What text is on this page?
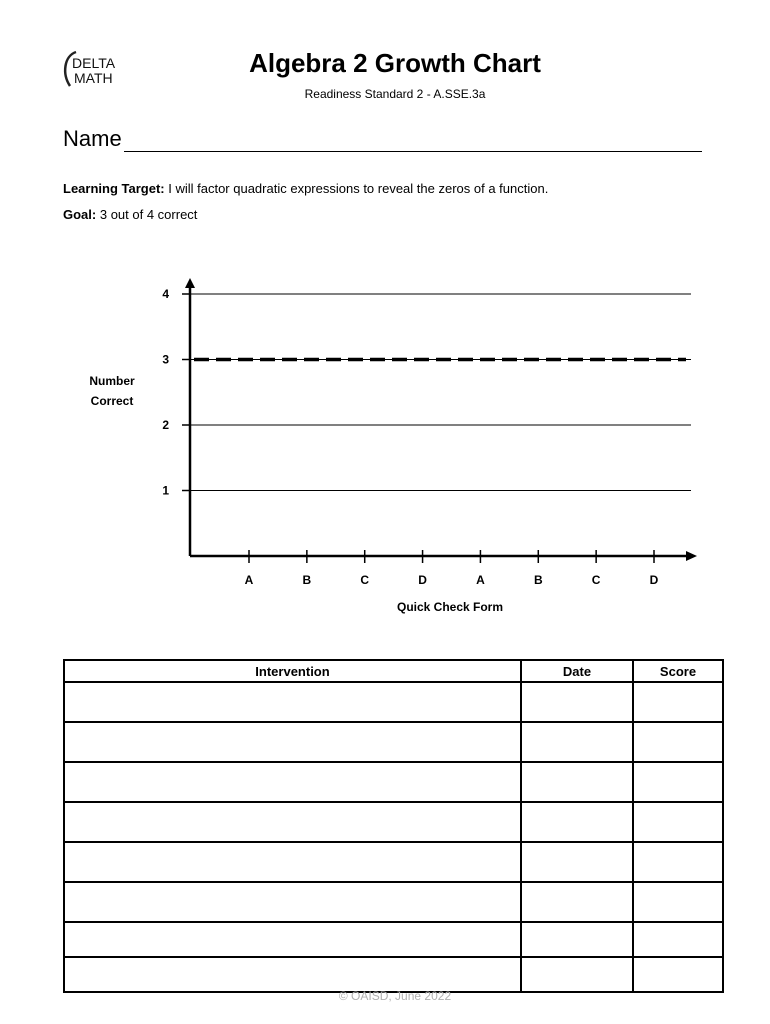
DELTA
MATH	Algebra 2 Growth Chart
Readiness Standard 2 - A.SSE.3a
Name
Learning Target: I will factor quadratic expressions to reveal the zeros of a function.
Goal: 3 out of 4 correct
1
2
3
4
A	B	C	D	A	B	C	D
Number Correct
Quick Check Form
Intervention	Date	Score

© OAISD, June 2022
